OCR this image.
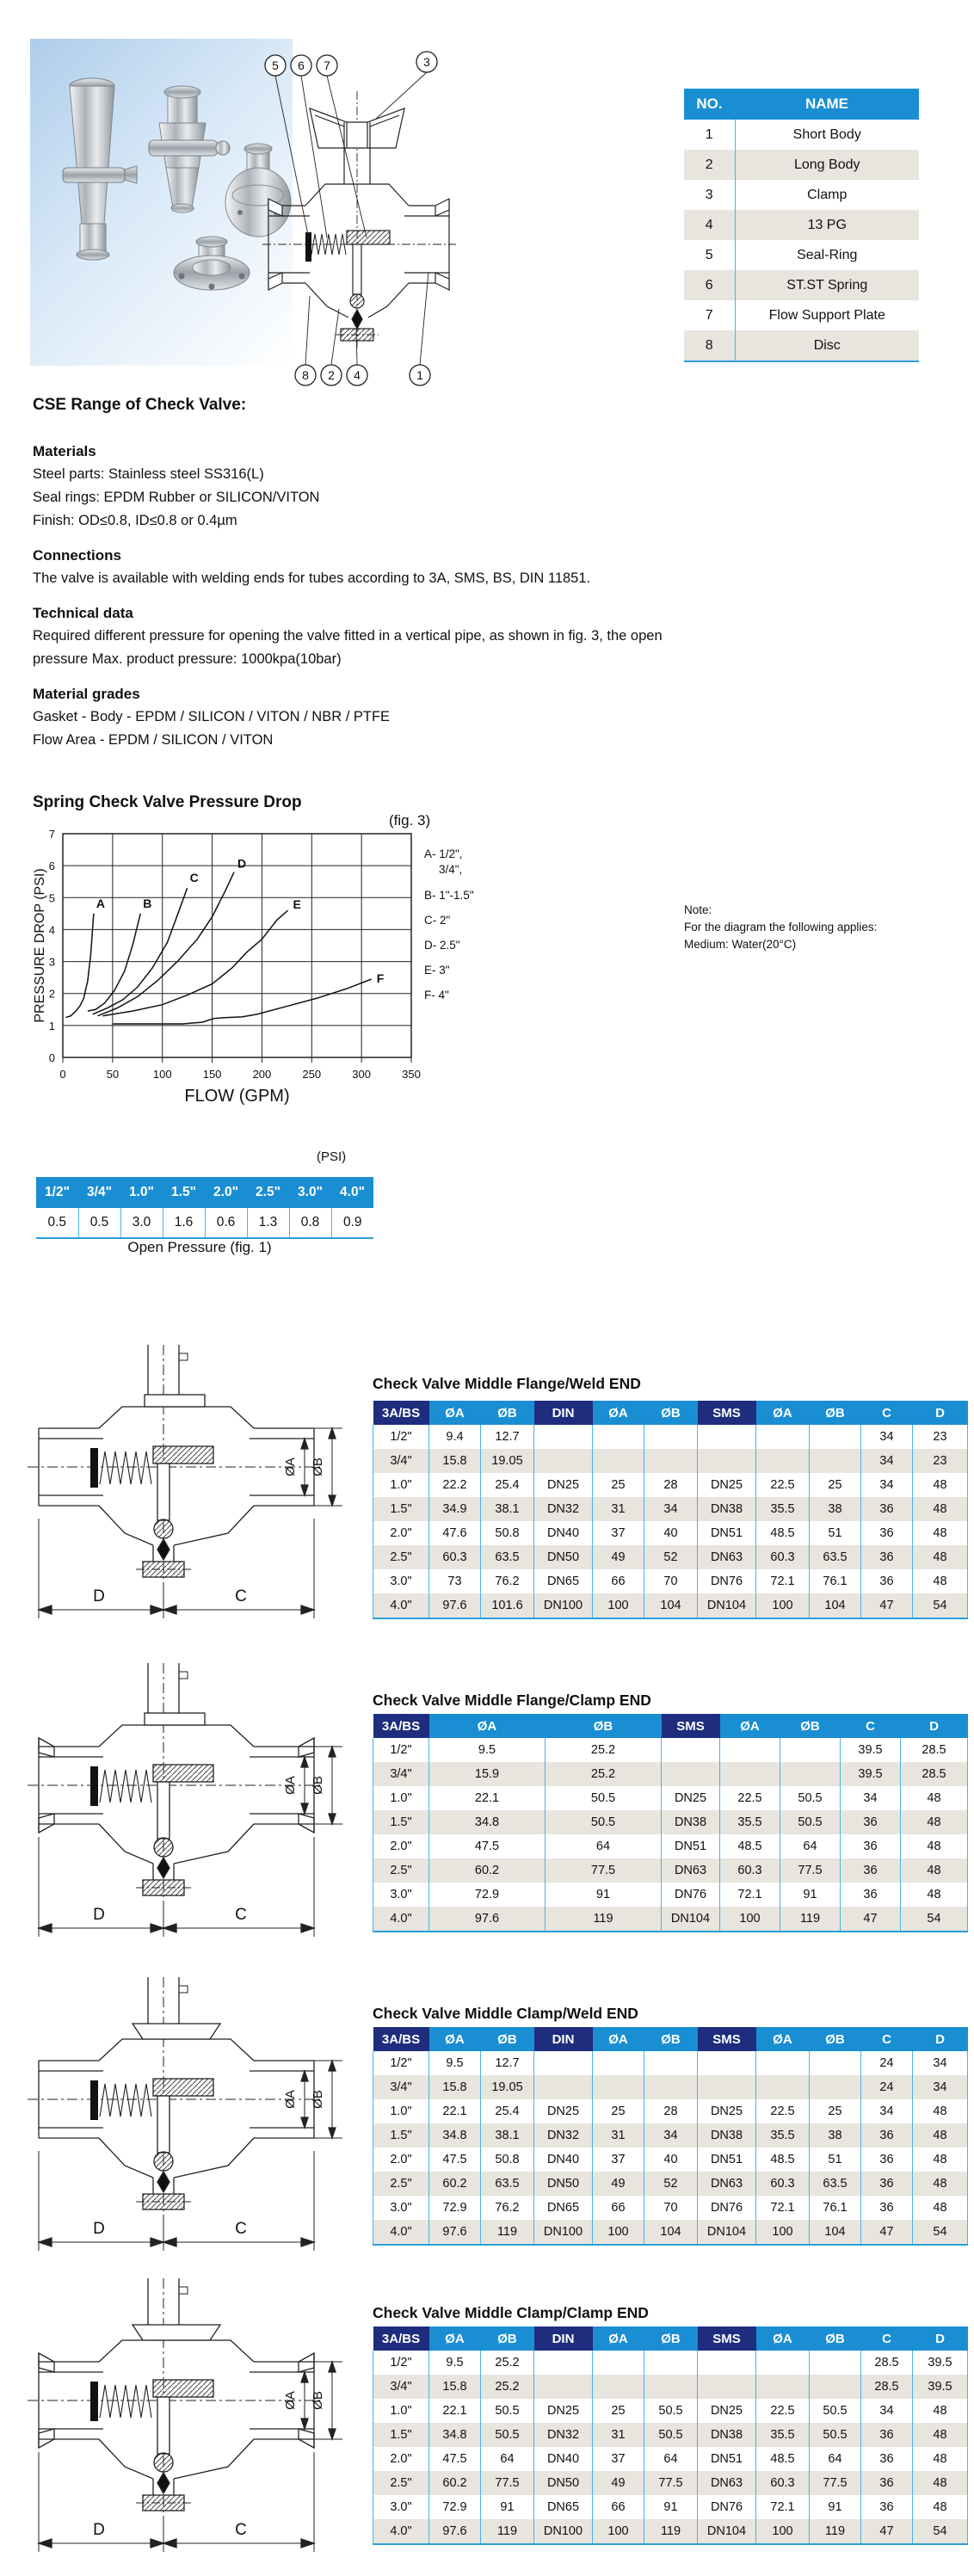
5 6 7	3
8 2 4	1
NO.	NAME
1	Short Body
2	Long Body
3	Clamp
4	13 PG
5	Seal-Ring
6	ST.ST Spring
7	Flow Support Plate
8	Disc
CSE Range of Check Valve:
Materials

Steel parts: Stainless steel SS316(L)

Seal rings: EPDM Rubber or SILICON/VITON

Finish: OD≤0.8, ID≤0.8 or 0.4µm

Connections

The valve is available with welding ends for tubes according to 3A, SMS, BS, DIN 11851.

Technical data

Required different pressure for opening the valve fitted in a vertical pipe, as shown in fig. 3, the open

pressure Max. product pressure: 1000kpa(10bar)

Material grades

Gasket - Body - EPDM / SILICON / VITON / NBR / PTFE

Flow Area - EPDM / SILICON / VITON

Spring Check Valve Pressure Drop
(fig. 3)
0
1
2
3
4
5
6
7
0	50	100	150	200	250	300	350
A	B
C
D
E
F
PRESSURE DROP (PSI)
FLOW (GPM)
A- 1/2",
3/4",
B- 1"-1.5"
C- 2"
D- 2.5"
E- 3"
F- 4"
Note:
For the diagram the following applies:
Medium: Water(20°C)
(PSI)
1/2"	3/4"	1.0"	1.5"	2.0"	2.5"	3.0"	4.0"
0.5	0.5	3.0	1.6	0.6	1.3	0.8	0.9
Open Pressure (fig. 1)
ØA ØB
D	C
Check Valve Middle Flange/Weld END
3A/BS	ØA	ØB	DIN	ØA	ØB	SMS	ØA	ØB	C	D
1/2"	9.4	12.7							34	23
3/4"	15.8	19.05							34	23
1.0"	22.2	25.4	DN25	25	28	DN25	22.5	25	34	48
1.5"	34.9	38.1	DN32	31	34	DN38	35.5	38	36	48
2.0"	47.6	50.8	DN40	37	40	DN51	48.5	51	36	48
2.5"	60.3	63.5	DN50	49	52	DN63	60.3	63.5	36	48
3.0"	73	76.2	DN65	66	70	DN76	72.1	76.1	36	48
4.0"	97.6	101.6	DN100	100	104	DN104	100	104	47	54
ØA ØB
D	C
Check Valve Middle Flange/Clamp END
3A/BS	ØA	ØB	SMS	ØA	ØB	C	D
1/2"	9.5	25.2				39.5	28.5
3/4"	15.9	25.2				39.5	28.5
1.0"	22.1	50.5	DN25	22.5	50.5	34	48
1.5"	34.8	50.5	DN38	35.5	50.5	36	48
2.0"	47.5	64	DN51	48.5	64	36	48
2.5"	60.2	77.5	DN63	60.3	77.5	36	48
3.0"	72.9	91	DN76	72.1	91	36	48
4.0"	97.6	119	DN104	100	119	47	54
ØA ØB
D	C
Check Valve Middle Clamp/Weld END
3A/BS	ØA	ØB	DIN	ØA	ØB	SMS	ØA	ØB	C	D
1/2"	9.5	12.7							24	34
3/4"	15.8	19.05							24	34
1.0"	22.1	25.4	DN25	25	28	DN25	22.5	25	34	48
1.5"	34.8	38.1	DN32	31	34	DN38	35.5	38	36	48
2.0"	47.5	50.8	DN40	37	40	DN51	48.5	51	36	48
2.5"	60.2	63.5	DN50	49	52	DN63	60.3	63.5	36	48
3.0"	72.9	76.2	DN65	66	70	DN76	72.1	76.1	36	48
4.0"	97.6	119	DN100	100	104	DN104	100	104	47	54
ØA ØB
D	C
Check Valve Middle Clamp/Clamp END
3A/BS	ØA	ØB	DIN	ØA	ØB	SMS	ØA	ØB	C	D
1/2"	9.5	25.2							28.5	39.5
3/4"	15.8	25.2							28.5	39.5
1.0"	22.1	50.5	DN25	25	50.5	DN25	22.5	50.5	34	48
1.5"	34.8	50.5	DN32	31	50.5	DN38	35.5	50.5	36	48
2.0"	47.5	64	DN40	37	64	DN51	48.5	64	36	48
2.5"	60.2	77.5	DN50	49	77.5	DN63	60.3	77.5	36	48
3.0"	72.9	91	DN65	66	91	DN76	72.1	91	36	48
4.0"	97.6	119	DN100	100	119	DN104	100	119	47	54
